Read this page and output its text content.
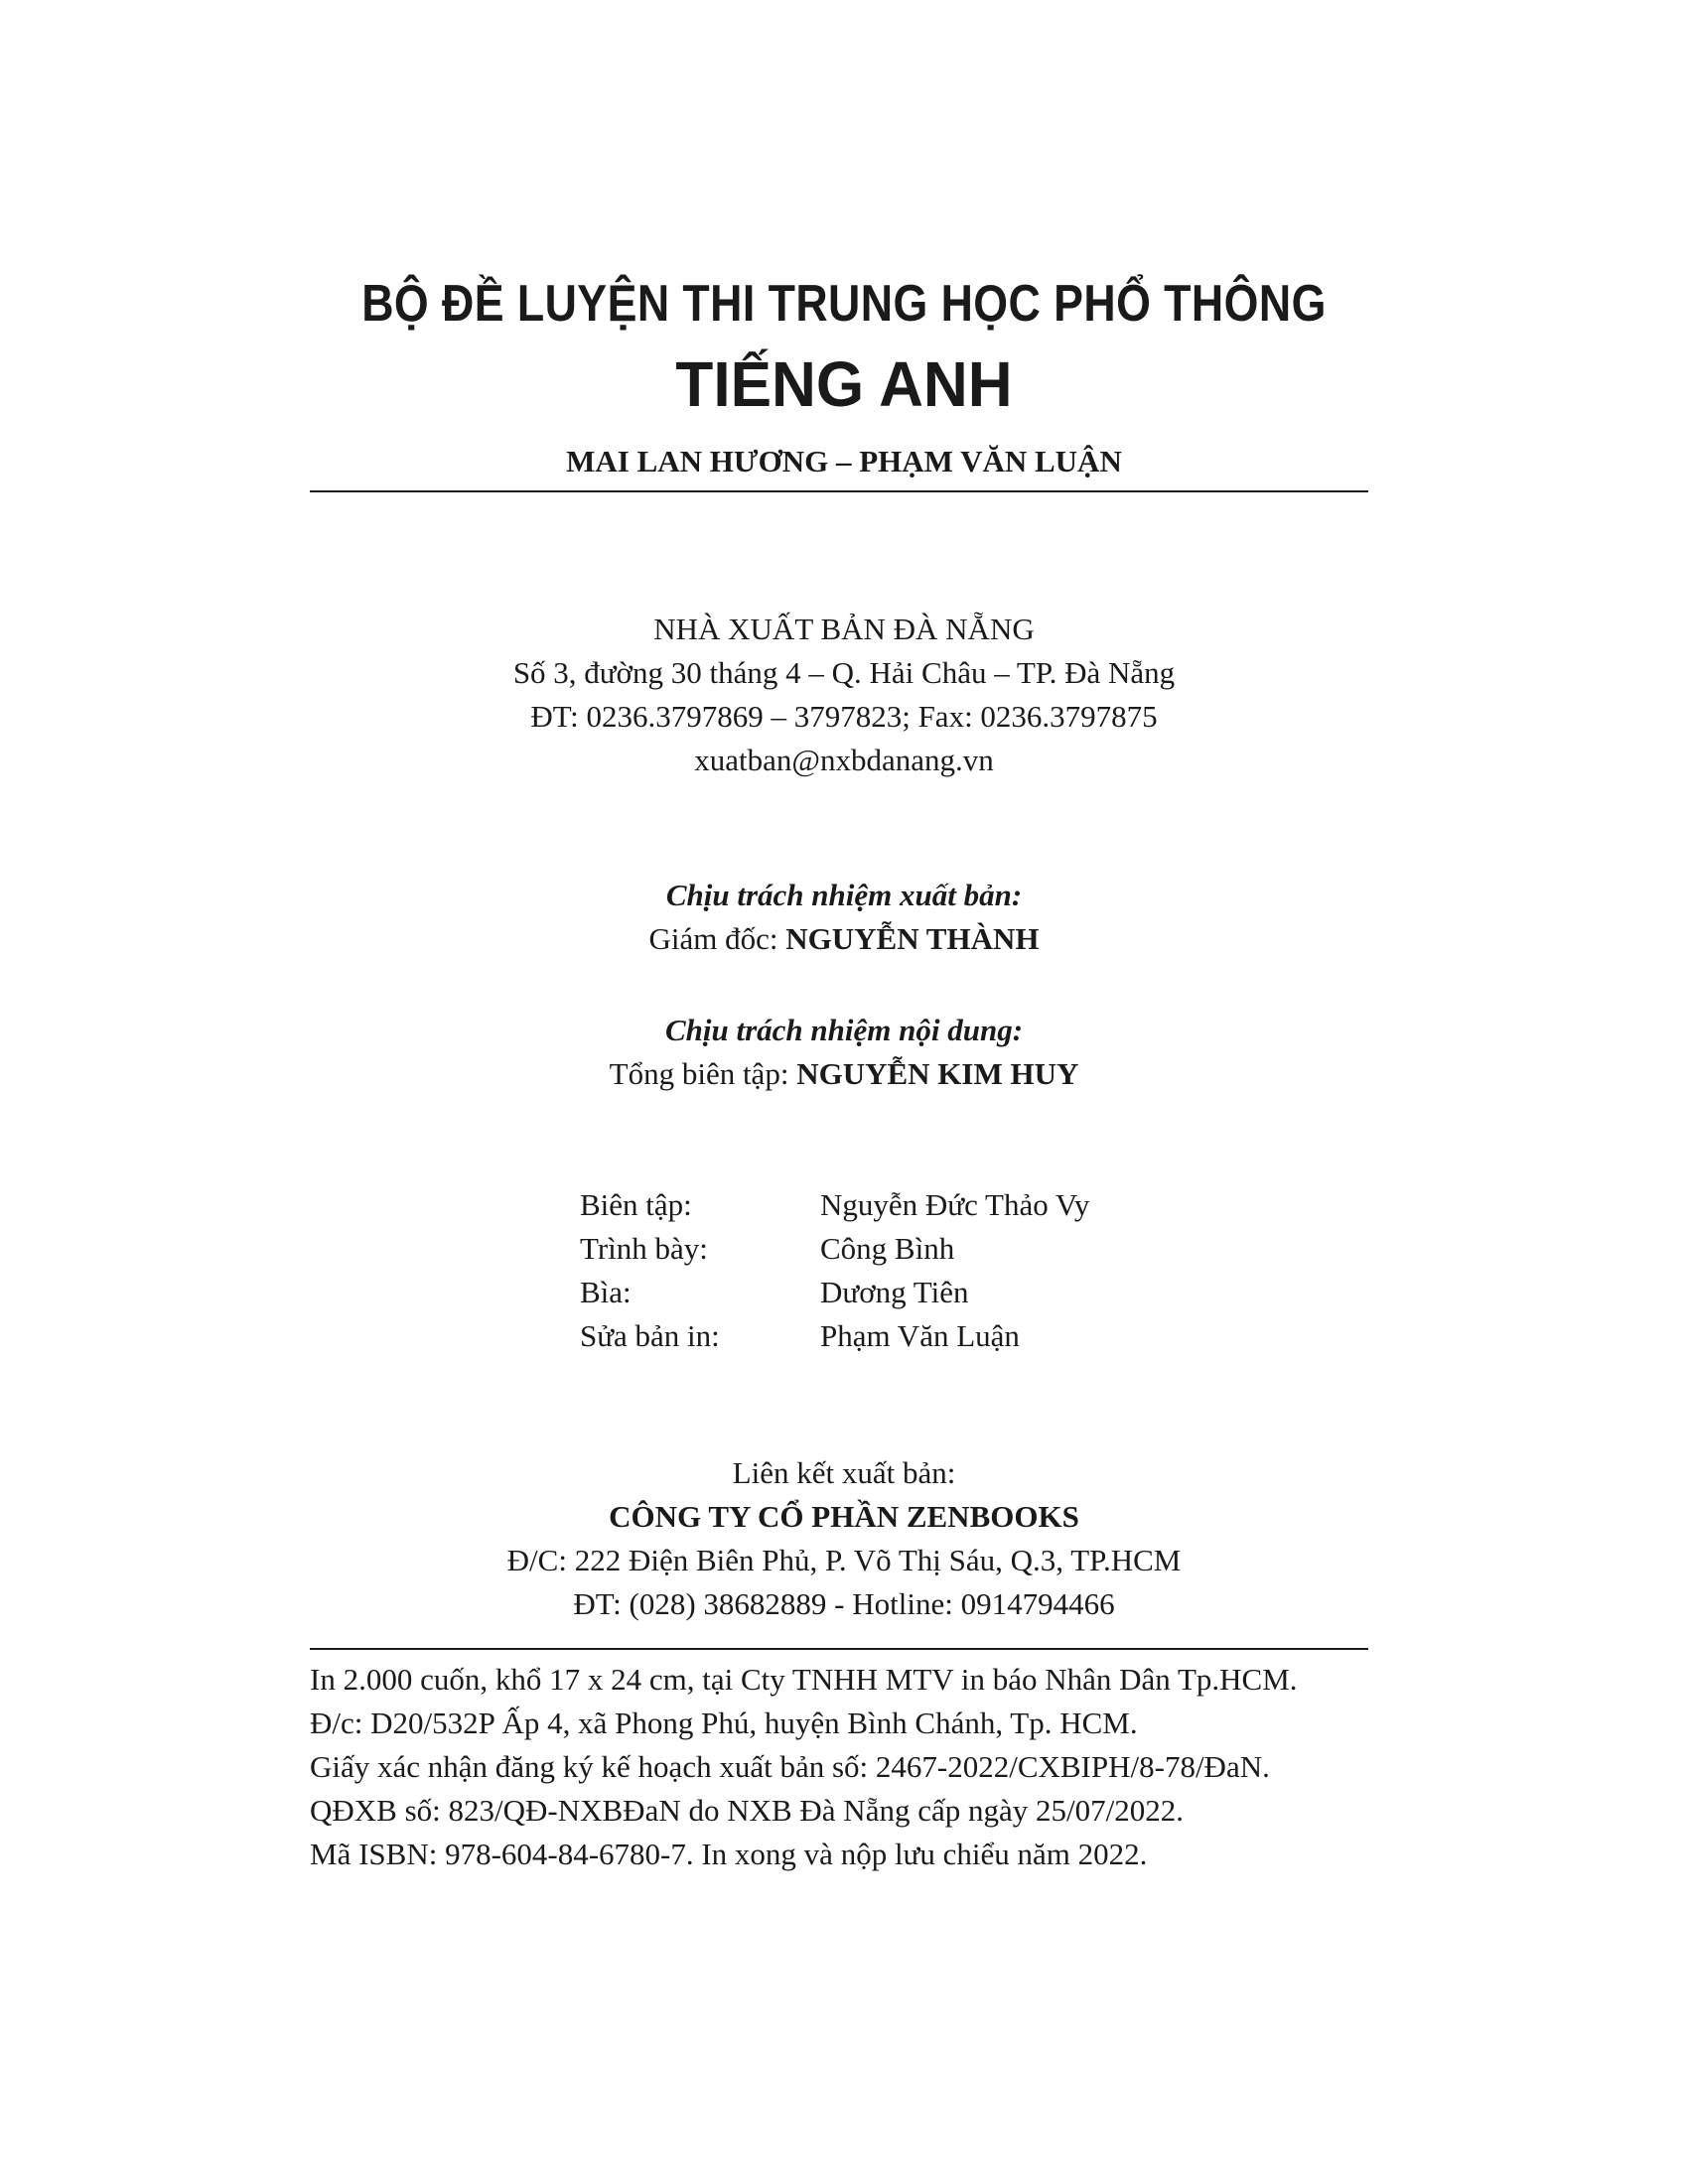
BỘ ĐỀ LUYỆN THI TRUNG HỌC PHỔ THÔNG
TIẾNG ANH
MAI LAN HƯƠNG – PHẠM VĂN LUẬN
NHÀ XUẤT BẢN ĐÀ NẴNG
Số 3, đường 30 tháng 4 – Q. Hải Châu – TP. Đà Nẵng
ĐT: 0236.3797869 – 3797823; Fax: 0236.3797875
xuatban@nxbdanang.vn
Chịu trách nhiệm xuất bản:
Giám đốc: NGUYỄN THÀNH
Chịu trách nhiệm nội dung:
Tổng biên tập: NGUYỄN KIM HUY
Biên tập:	Nguyễn Đức Thảo Vy
Trình bày:	Công Bình
Bìa:	Dương Tiên
Sửa bản in:	Phạm Văn Luận
Liên kết xuất bản:
CÔNG TY CỔ PHẦN ZENBOOKS
Đ/C: 222 Điện Biên Phủ, P. Võ Thị Sáu, Q.3, TP.HCM
ĐT: (028) 38682889 - Hotline: 0914794466
In 2.000 cuốn, khổ 17 x 24 cm, tại Cty TNHH MTV in báo Nhân Dân Tp.HCM.
Đ/c: D20/532P Ấp 4, xã Phong Phú, huyện Bình Chánh, Tp. HCM.
Giấy xác nhận đăng ký kế hoạch xuất bản số: 2467-2022/CXBIPH/8-78/ĐaN.
QĐXB số: 823/QĐ-NXBĐaN do NXB Đà Nẵng cấp ngày 25/07/2022.
Mã ISBN: 978-604-84-6780-7. In xong và nộp lưu chiểu năm 2022.
